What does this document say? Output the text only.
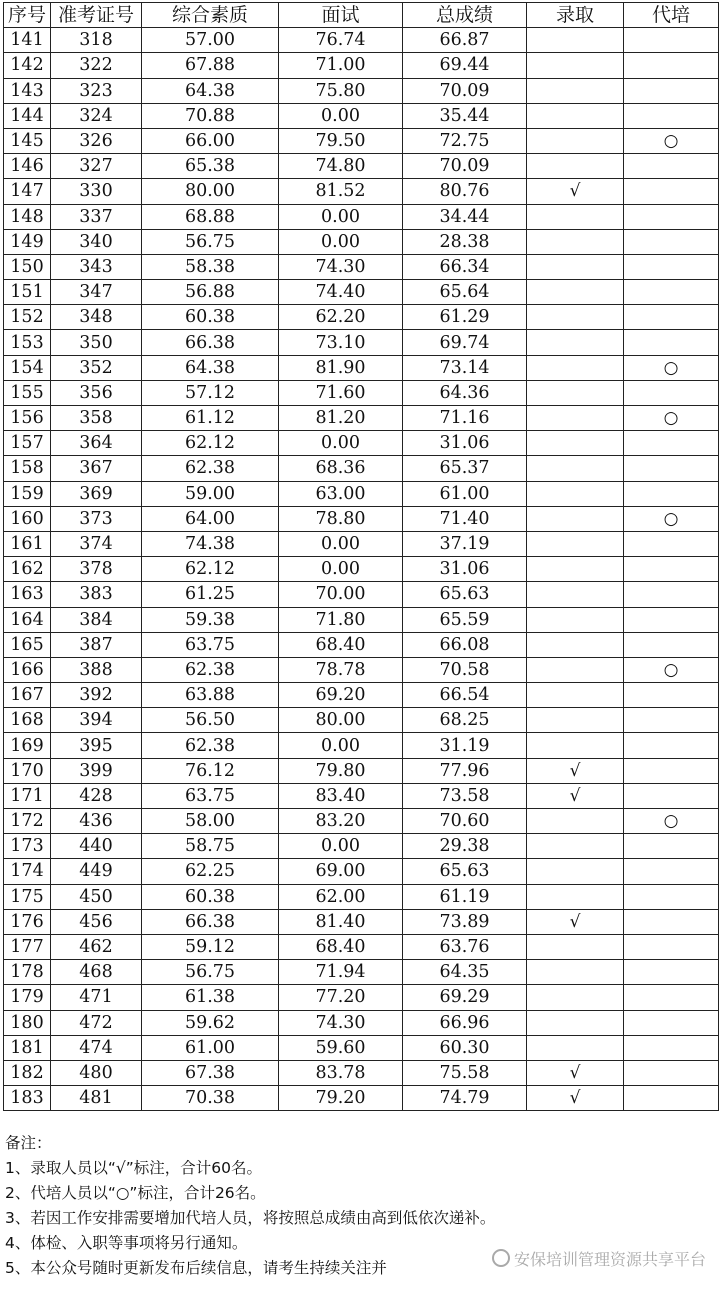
序号	准考证号	综合素质	面试	总成绩	录取	代培
141	318	57.00	76.74	66.87		
142	322	67.88	71.00	69.44		
143	323	64.38	75.80	70.09		
144	324	70.88	0.00	35.44		
145	326	66.00	79.50	72.75		○
146	327	65.38	74.80	70.09		
147	330	80.00	81.52	80.76	√	
148	337	68.88	0.00	34.44		
149	340	56.75	0.00	28.38		
150	343	58.38	74.30	66.34		
151	347	56.88	74.40	65.64		
152	348	60.38	62.20	61.29		
153	350	66.38	73.10	69.74		
154	352	64.38	81.90	73.14		○
155	356	57.12	71.60	64.36		
156	358	61.12	81.20	71.16		○
157	364	62.12	0.00	31.06		
158	367	62.38	68.36	65.37		
159	369	59.00	63.00	61.00		
160	373	64.00	78.80	71.40		○
161	374	74.38	0.00	37.19		
162	378	62.12	0.00	31.06		
163	383	61.25	70.00	65.63		
164	384	59.38	71.80	65.59		
165	387	63.75	68.40	66.08		
166	388	62.38	78.78	70.58		○
167	392	63.88	69.20	66.54		
168	394	56.50	80.00	68.25		
169	395	62.38	0.00	31.19		
170	399	76.12	79.80	77.96	√	
171	428	63.75	83.40	73.58	√	
172	436	58.00	83.20	70.60		○
173	440	58.75	0.00	29.38		
174	449	62.25	69.00	65.63		
175	450	60.38	62.00	61.19		
176	456	66.38	81.40	73.89	√	
177	462	59.12	68.40	63.76		
178	468	56.75	71.94	64.35		
179	471	61.38	77.20	69.29		
180	472	59.62	74.30	66.96		
181	474	61.00	59.60	60.30		
182	480	67.38	83.78	75.58	√	
183	481	70.38	79.20	74.79	√	
备注：
1、录取人员以“√”标注，合计60名。
2、代培人员以“○”标注，合计26名。
3、若因工作安排需要增加代培人员，将按照总成绩由高到低依次递补。
4、体检、入职等事项将另行通知。
5、本公众号随时更新发布后续信息，请考生持续关注并	安保培训管理资源共享平台
